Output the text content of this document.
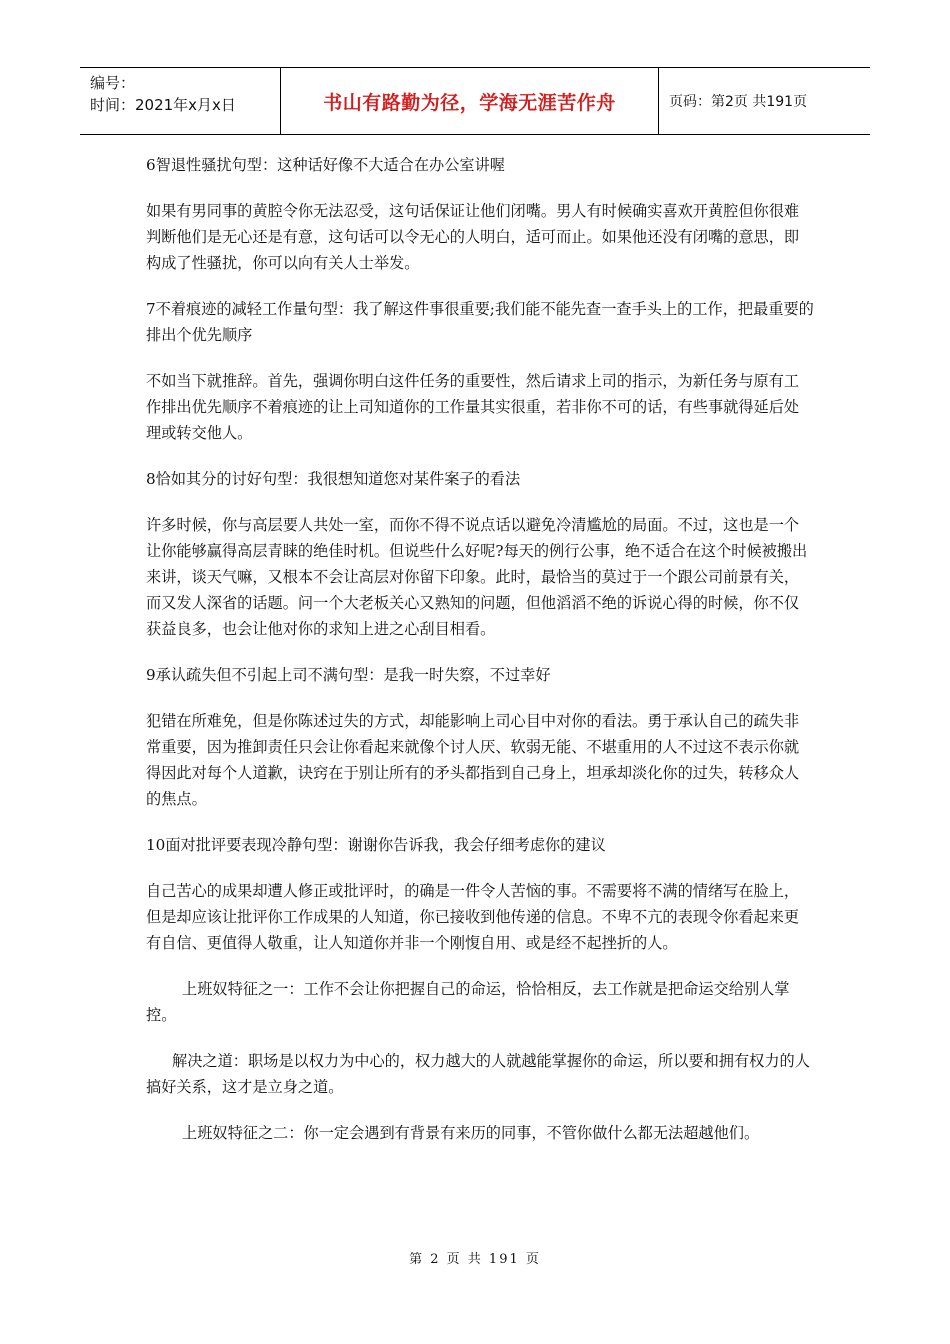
编号：
时间：2021年x月x日	书山有路勤为径，学海无涯苦作舟	页码：第2页 共191页

6智退性骚扰句型：这种话好像不大适合在办公室讲喔

如果有男同事的黄腔令你无法忍受，这句话保证让他们闭嘴。男人有时候确实喜欢开黄腔但你很难判断他们是无心还是有意，这句话可以令无心的人明白，适可而止。如果他还没有闭嘴的意思，即构成了性骚扰，你可以向有关人士举发。

7不着痕迹的减轻工作量句型：我了解这件事很重要;我们能不能先查一查手头上的工作，把最重要的排出个优先顺序

不如当下就推辞。首先，强调你明白这件任务的重要性，然后请求上司的指示，为新任务与原有工作排出优先顺序不着痕迹的让上司知道你的工作量其实很重，若非你不可的话，有些事就得延后处理或转交他人。

8恰如其分的讨好句型：我很想知道您对某件案子的看法

许多时候，你与高层要人共处一室，而你不得不说点话以避免冷清尴尬的局面。不过，这也是一个让你能够赢得高层青睐的绝佳时机。但说些什么好呢?每天的例行公事，绝不适合在这个时候被搬出来讲，谈天气嘛，又根本不会让高层对你留下印象。此时，最恰当的莫过于一个跟公司前景有关，而又发人深省的话题。问一个大老板关心又熟知的问题，但他滔滔不绝的诉说心得的时候，你不仅获益良多，也会让他对你的求知上进之心刮目相看。

9承认疏失但不引起上司不满句型：是我一时失察，不过幸好

犯错在所难免，但是你陈述过失的方式，却能影响上司心目中对你的看法。勇于承认自己的疏失非常重要，因为推卸责任只会让你看起来就像个讨人厌、软弱无能、不堪重用的人不过这不表示你就得因此对每个人道歉，诀窍在于别让所有的矛头都指到自己身上，坦承却淡化你的过失，转移众人的焦点。

10面对批评要表现冷静句型：谢谢你告诉我，我会仔细考虑你的建议

自己苦心的成果却遭人修正或批评时，的确是一件令人苦恼的事。不需要将不满的情绪写在脸上，但是却应该让批评你工作成果的人知道，你已接收到他传递的信息。不卑不亢的表现令你看起来更有自信、更值得人敬重，让人知道你并非一个刚愎自用、或是经不起挫折的人。

上班奴特征之一：工作不会让你把握自己的命运，恰恰相反，去工作就是把命运交给别人掌控。

解决之道：职场是以权力为中心的，权力越大的人就越能掌握你的命运，所以要和拥有权力的人搞好关系，这才是立身之道。

上班奴特征之二：你一定会遇到有背景有来历的同事，不管你做什么都无法超越他们。

第 2 页 共 191 页
